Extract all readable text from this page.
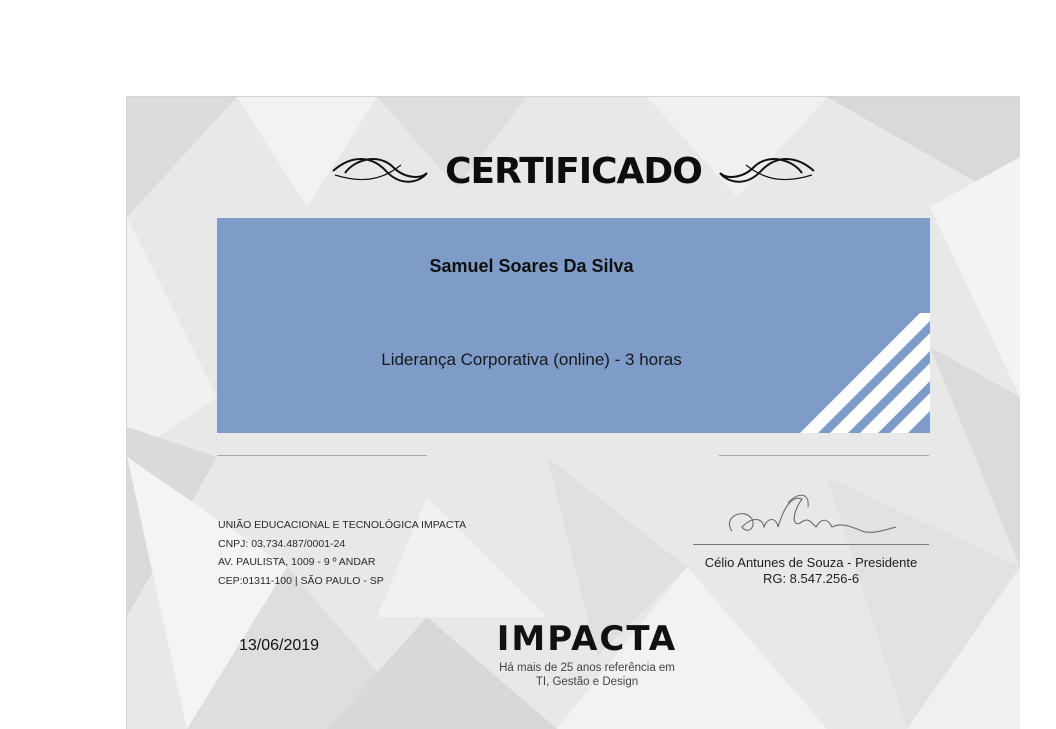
CERTIFICADO
Samuel Soares Da Silva
Liderança Corporativa (online) - 3 horas
UNIÃO EDUCACIONAL E TECNOLÓGICA IMPACTA
CNPJ: 03.734.487/0001-24
AV. PAULISTA, 1009 - 9 º ANDAR
CEP:01311-100 | SÃO PAULO - SP
Célio Antunes de Souza - Presidente
RG: 8.547.256-6
13/06/2019	IMPACTA
Há mais de 25 anos referência em
TI, Gestão e Design
